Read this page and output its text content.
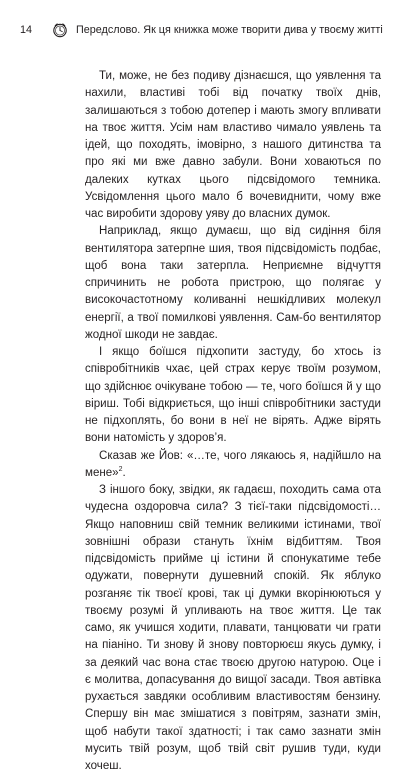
14	Передслово. Як ця книжка може творити дива у твоєму житті

Ти, може, не без подиву дізнаєшся, що уявлення та нахили, властиві тобі від початку твоїх днів, залишаються з тобою дотепер і мають змогу впливати на твоє життя. Усім нам властиво чимало уявлень та ідей, що походять, імовірно, з нашого дитинства та про які ми вже давно забули. Вони ховаються по далеких кутках цього підсвідомого темника. Усвідомлення цього мало б вочевиднити, чому вже час виробити здорову уяву до власних думок.

Наприклад, якщо думаєш, що від сидіння біля вентилятора затерпне шия, твоя підсвідомість подбає, щоб вона таки затерпла. Неприємне відчуття спричинить не робота пристрою, що полягає у високочастотному коливанні нешкідливих молекул енергії, а твої помилкові уявлення. Сам-бо вентилятор жодної шкоди не завдає.

І якщо боїшся підхопити застуду, бо хтось із співробітників чхає, цей страх керує твоїм розумом, що здійснює очікуване тобою — те, чого боїшся й у що віриш. Тобі відкриється, що інші співробітники застуди не підхоплять, бо вони в неї не вірять. Адже вірять вони натомість у здоров’я.

Сказав же Йов: «…те, чого лякаюсь я, надійшло на мене»$^2$.

З іншого боку, звідки, як гадаєш, походить сама ота чудесна оздоровча сила? З тієї-таки підсвідомості… Якщо наповниш свій темник великими істинами, твої зовнішні образи стануть їхнім відбиттям. Твоя підсвідомість прийме ці істини й спонукатиме тебе одужати, повернути душевний спокій. Як яблуко розганяє тік твоєї крові, так ці думки вкорінюються у твоєму розумі й упливають на твоє життя. Це так само, як учишся ходити, плавати, танцювати чи грати на піаніно. Ти знову й знову повторюєш якусь думку, і за деякий час вона стає твоєю другою натурою. Оце і є молитва, допасування до вищої засади. Твоя автівка рухається завдяки особливим властивостям бензину. Спершу він має змішатися з повітрям, зазнати змін, щоб набути такої здатності; і так само зазнати змін мусить твій розум, щоб твій світ рушив туди, куди хочеш.
